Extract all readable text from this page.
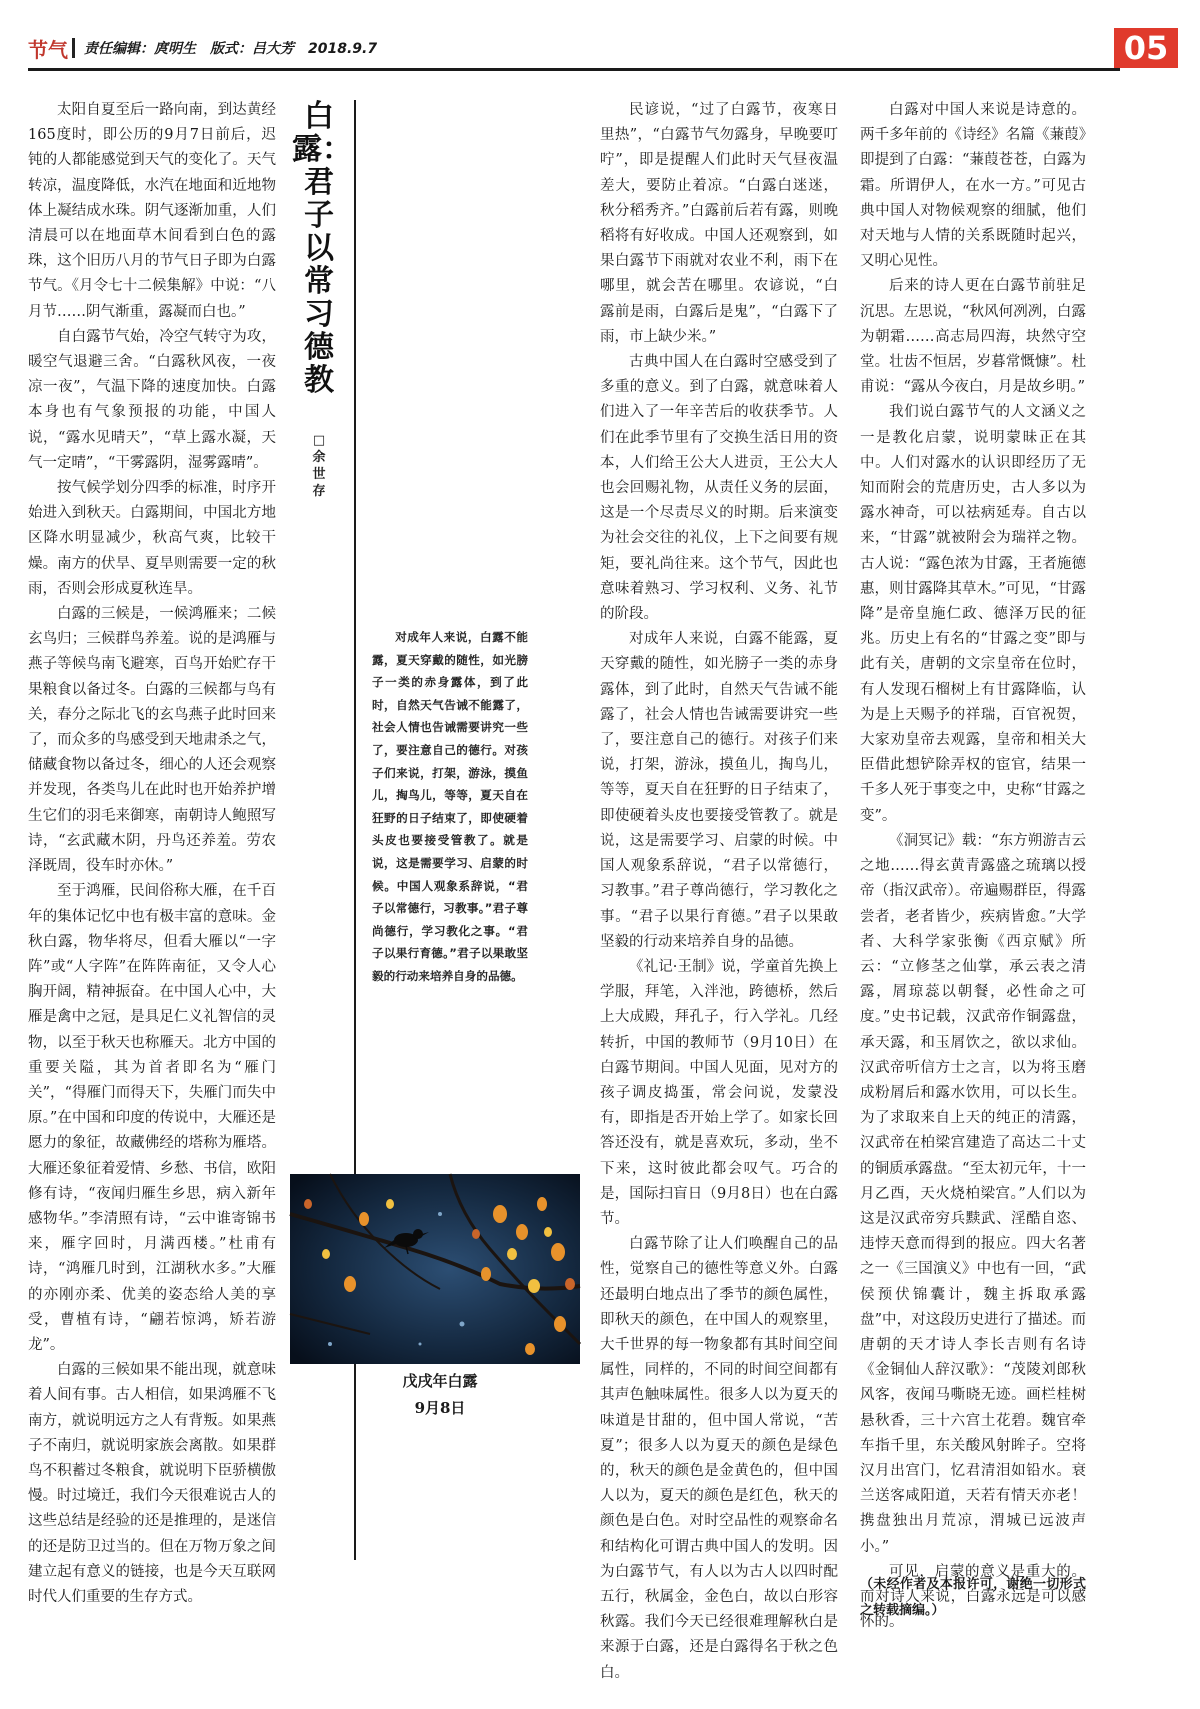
节气 责任编辑：庹明生　版式：吕大芳　2018.9.7	05

太阳自夏至后一路向南，到达黄经165度时，即公历的9月7日前后，迟钝的人都能感觉到天气的变化了。天气转凉，温度降低，水汽在地面和近地物体上凝结成水珠。阴气逐渐加重，人们清晨可以在地面草木间看到白色的露珠，这个旧历八月的节气日子即为白露节气。《月令七十二候集解》中说：“八月节……阴气渐重，露凝而白也。”

自白露节气始，冷空气转守为攻，暖空气退避三舍。“白露秋风夜，一夜凉一夜”，气温下降的速度加快。白露本身也有气象预报的功能，中国人说，“露水见晴天”，“草上露水凝，天气一定晴”，“干雾露阴，湿雾露晴”。

按气候学划分四季的标准，时序开始进入到秋天。白露期间，中国北方地区降水明显减少，秋高气爽，比较干燥。南方的伏旱、夏旱则需要一定的秋雨，否则会形成夏秋连旱。

白露的三候是，一候鸿雁来；二候玄鸟归；三候群鸟养羞。说的是鸿雁与燕子等候鸟南飞避寒，百鸟开始贮存干果粮食以备过冬。白露的三候都与鸟有关，春分之际北飞的玄鸟燕子此时回来了，而众多的鸟感受到天地肃杀之气，储藏食物以备过冬，细心的人还会观察并发现，各类鸟儿在此时也开始养护增生它们的羽毛来御寒，南朝诗人鲍照写诗，“玄武藏木阴，丹鸟还养羞。劳农泽既周，役车时亦休。”

至于鸿雁，民间俗称大雁，在千百年的集体记忆中也有极丰富的意味。金秋白露，物华将尽，但看大雁以“一字阵”或“人字阵”在阵阵南征，又令人心胸开阔，精神振奋。在中国人心中，大雁是禽中之冠，是具足仁义礼智信的灵物，以至于秋天也称雁天。北方中国的重要关隘，其为首者即名为“雁门关”，“得雁门而得天下，失雁门而失中原。”在中国和印度的传说中，大雁还是愿力的象征，故藏佛经的塔称为雁塔。大雁还象征着爱情、乡愁、书信，欧阳修有诗，“夜闻归雁生乡思，病入新年感物华。”李清照有诗，“云中谁寄锦书来，雁字回时，月满西楼。”杜甫有诗，“鸿雁几时到，江湖秋水多。”大雁的亦刚亦柔、优美的姿态给人美的享受，曹植有诗，“翩若惊鸿，矫若游龙”。

白露的三候如果不能出现，就意味着人间有事。古人相信，如果鸿雁不飞南方，就说明远方之人有背叛。如果燕子不南归，就说明家族会离散。如果群鸟不积蓄过冬粮食，就说明下臣骄横傲慢。时过境迁，我们今天很难说古人的这些总结是经验的还是推理的，是迷信的还是防卫过当的。但在万物万象之间建立起有意义的链接，也是今天互联网时代人们重要的生存方式。

白露：君子以常习德教
□余世存

对成年人来说，白露不能露，夏天穿戴的随性，如光膀子一类的赤身露体，到了此时，自然天气告诫不能露了，社会人情也告诫需要讲究一些了，要注意自己的德行。对孩子们来说，打架，游泳，摸鱼儿，掏鸟儿，等等，夏天自在狂野的日子结束了，即使硬着头皮也要接受管教了。就是说，这是需要学习、启蒙的时候。中国人观象系辞说，“君子以常德行，习教事。”君子尊尚德行，学习教化之事。“君子以果行育德。”君子以果敢坚毅的行动来培养自身的品德。

戊戌年白露
9月8日

民谚说，“过了白露节，夜寒日里热”，“白露节气勿露身，早晚要叮咛”，即是提醒人们此时天气昼夜温差大，要防止着凉。“白露白迷迷，秋分稻秀齐。”白露前后若有露，则晚稻将有好收成。中国人还观察到，如果白露节下雨就对农业不利，雨下在哪里，就会苦在哪里。农谚说，“白露前是雨，白露后是鬼”，“白露下了雨，市上缺少米。”

古典中国人在白露时空感受到了多重的意义。到了白露，就意味着人们进入了一年辛苦后的收获季节。人们在此季节里有了交换生活日用的资本，人们给王公大人进贡，王公大人也会回赐礼物，从责任义务的层面，这是一个尽责尽义的时期。后来演变为社会交往的礼仪，上下之间要有规矩，要礼尚往来。这个节气，因此也意味着熟习、学习权利、义务、礼节的阶段。

对成年人来说，白露不能露，夏天穿戴的随性，如光膀子一类的赤身露体，到了此时，自然天气告诫不能露了，社会人情也告诫需要讲究一些了，要注意自己的德行。对孩子们来说，打架，游泳，摸鱼儿，掏鸟儿，等等，夏天自在狂野的日子结束了，即使硬着头皮也要接受管教了。就是说，这是需要学习、启蒙的时候。中国人观象系辞说，“君子以常德行，习教事。”君子尊尚德行，学习教化之事。“君子以果行育德。”君子以果敢坚毅的行动来培养自身的品德。

《礼记·王制》说，学童首先换上学服，拜笔，入泮池，跨德桥，然后上大成殿，拜孔子，行入学礼。几经转折，中国的教师节（9月10日）在白露节期间。中国人见面，见对方的孩子调皮捣蛋，常会问说，发蒙没有，即指是否开始上学了。如家长回答还没有，就是喜欢玩，多动，坐不下来，这时彼此都会叹气。巧合的是，国际扫盲日（9月8日）也在白露节。

白露节除了让人们唤醒自己的品性，觉察自己的德性等意义外。白露还最明白地点出了季节的颜色属性，即秋天的颜色，在中国人的观察里，大千世界的每一物象都有其时间空间属性，同样的，不同的时间空间都有其声色触味属性。很多人以为夏天的味道是甘甜的，但中国人常说，“苦夏”；很多人以为夏天的颜色是绿色的，秋天的颜色是金黄色的，但中国人以为，夏天的颜色是红色，秋天的颜色是白色。对时空品性的观察命名和结构化可谓古典中国人的发明。因为白露节气，有人以为古人以四时配五行，秋属金，金色白，故以白形容秋露。我们今天已经很难理解秋白是来源于白露，还是白露得名于秋之色白。

白露对中国人来说是诗意的。两千多年前的《诗经》名篇《蒹葭》即提到了白露：“蒹葭苍苍，白露为霜。所谓伊人，在水一方。”可见古典中国人对物候观察的细腻，他们对天地与人情的关系既随时起兴，又明心见性。

后来的诗人更在白露节前驻足沉思。左思说，“秋风何冽冽，白露为朝霜……高志局四海，块然守空堂。壮齿不恒居，岁暮常慨慷”。杜甫说：“露从今夜白，月是故乡明。”

我们说白露节气的人文涵义之一是教化启蒙，说明蒙昧正在其中。人们对露水的认识即经历了无知而附会的荒唐历史，古人多以为露水神奇，可以祛病延寿。自古以来，“甘露”就被附会为瑞祥之物。古人说：“露色浓为甘露，王者施德惠，则甘露降其草木。”可见，“甘露降”是帝皇施仁政、德泽万民的征兆。历史上有名的“甘露之变”即与此有关，唐朝的文宗皇帝在位时，有人发现石榴树上有甘露降临，认为是上天赐予的祥瑞，百官祝贺，大家劝皇帝去观露，皇帝和相关大臣借此想铲除弄权的宦官，结果一千多人死于事变之中，史称“甘露之变”。

《洞冥记》载：“东方朔游吉云之地……得玄黄青露盛之琉璃以授帝（指汉武帝）。帝遍赐群臣，得露尝者，老者皆少，疾病皆愈。”大学者、大科学家张衡《西京赋》所云：“立修茎之仙掌，承云表之清露，屑琼蕊以朝餐，必性命之可度。”史书记载，汉武帝作铜露盘，承天露，和玉屑饮之，欲以求仙。汉武帝听信方士之言，以为将玉磨成粉屑后和露水饮用，可以长生。为了求取来自上天的纯正的清露，汉武帝在柏梁宫建造了高达二十丈的铜质承露盘。“至太初元年，十一月乙酉，天火烧柏梁宫。”人们以为这是汉武帝穷兵黩武、淫酷自恣、违悖天意而得到的报应。四大名著之一《三国演义》中也有一回，“武侯预伏锦囊计，魏主拆取承露盘”中，对这段历史进行了描述。而唐朝的天才诗人李长吉则有名诗《金铜仙人辞汉歌》：“茂陵刘郎秋风客，夜闻马嘶晓无迹。画栏桂树悬秋香，三十六宫土花碧。魏官牵车指千里，东关酸风射眸子。空将汉月出宫门，忆君清泪如铅水。衰兰送客咸阳道，天若有情天亦老！携盘独出月荒凉，渭城已远波声小。”

可见，启蒙的意义是重大的。而对诗人来说，白露永远是可以感怀的。

（未经作者及本报许可，谢绝一切形式之转载摘编。）
